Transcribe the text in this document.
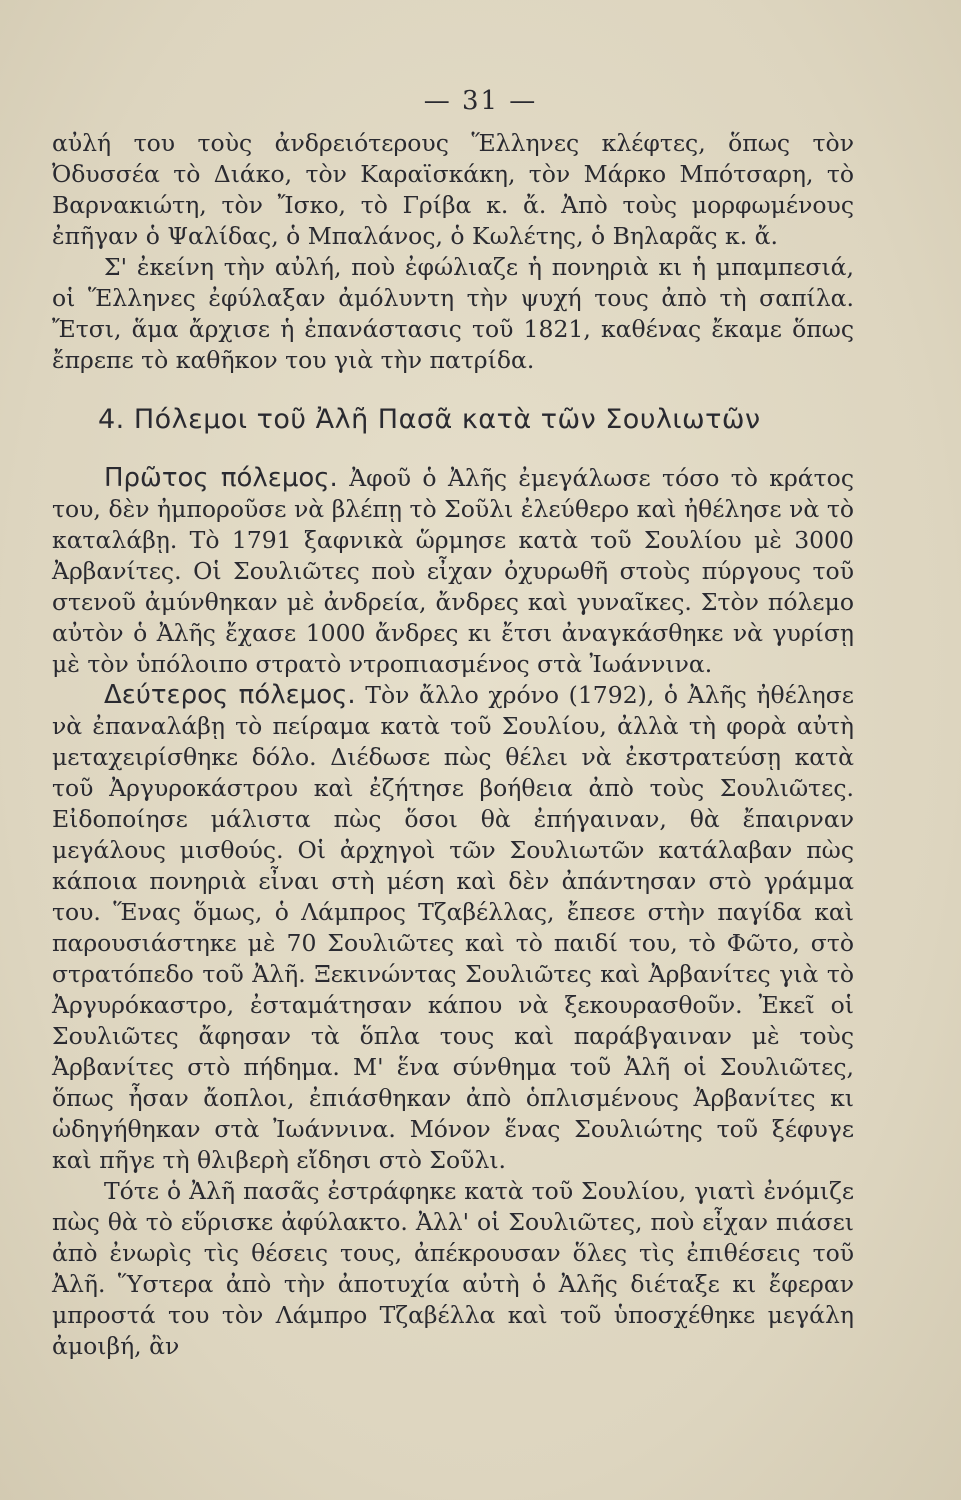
— 31 —

αὐλή του τοὺς ἀνδρειότερους Ἕλληνες κλέφτες, ὅπως τὸν Ὀδυσσέα τὸ Διάκο, τὸν Καραϊσκάκη, τὸν Μάρκο Μπότσαρη, τὸ Βαρνακιώτη, τὸν Ἴσκο, τὸ Γρίβα κ. ἄ. Ἀπὸ τοὺς μορφωμένους ἐπῆγαν ὁ Ψαλίδας, ὁ Μπαλάνος, ὁ Κωλέτης, ὁ Βηλαρᾶς κ. ἄ.

Σ' ἐκείνη τὴν αὐλή, ποὺ ἐφώλιαζε ἡ πονηριὰ κι ἡ μπαμπεσιά, οἱ Ἕλληνες ἐφύλαξαν ἀμόλυντη τὴν ψυχή τους ἀπὸ τὴ σαπίλα. Ἔτσι, ἅμα ἄρχισε ἡ ἐπανάστασις τοῦ 1821, καθένας ἔκαμε ὅπως ἔπρεπε τὸ καθῆκον του γιὰ τὴν πατρίδα.

4. Πόλεμοι τοῦ Ἀλῆ Πασᾶ κατὰ τῶν Σουλιωτῶν

Πρῶτος πόλεμος. Ἀφοῦ ὁ Ἀλῆς ἐμεγάλωσε τόσο τὸ κράτος του, δὲν ἠμποροῦσε νὰ βλέπῃ τὸ Σοῦλι ἐλεύθερο καὶ ἠθέλησε νὰ τὸ καταλάβῃ. Τὸ 1791 ξαφνικὰ ὥρμησε κατὰ τοῦ Σουλίου μὲ 3000 Ἀρβανίτες. Οἱ Σουλιῶτες ποὺ εἶχαν ὀχυρωθῆ στοὺς πύργους τοῦ στενοῦ ἀμύνθηκαν μὲ ἀνδρεία, ἄνδρες καὶ γυναῖκες. Στὸν πόλεμο αὐτὸν ὁ Ἀλῆς ἔχασε 1000 ἄνδρες κι ἔτσι ἀναγκάσθηκε νὰ γυρίσῃ μὲ τὸν ὑπόλοιπο στρατὸ ντροπιασμένος στὰ Ἰωάννινα.

Δεύτερος πόλεμος. Τὸν ἄλλο χρόνο (1792), ὁ Ἀλῆς ἠθέλησε νὰ ἐπαναλάβῃ τὸ πείραμα κατὰ τοῦ Σουλίου, ἀλλὰ τὴ φορὰ αὐτὴ μεταχειρίσθηκε δόλο. Διέδωσε πὼς θέλει νὰ ἐκστρατεύσῃ κατὰ τοῦ Ἀργυροκάστρου καὶ ἐζήτησε βοήθεια ἀπὸ τοὺς Σουλιῶτες. Εἰδοποίησε μάλιστα πὼς ὅσοι θὰ ἐπήγαιναν, θὰ ἔπαιρναν μεγάλους μισθούς. Οἱ ἀρχηγοὶ τῶν Σουλιωτῶν κατάλαβαν πὼς κάποια πονηριὰ εἶναι στὴ μέση καὶ δὲν ἀπάντησαν στὸ γράμμα του. Ἕνας ὅμως, ὁ Λάμπρος Τζαβέλλας, ἔπεσε στὴν παγίδα καὶ παρουσιάστηκε μὲ 70 Σουλιῶτες καὶ τὸ παιδί του, τὸ Φῶτο, στὸ στρατόπεδο τοῦ Ἀλῆ. Ξεκινώντας Σουλιῶτες καὶ Ἀρβανίτες γιὰ τὸ Ἀργυρόκαστρο, ἐσταμάτησαν κάπου νὰ ξεκουρασθοῦν. Ἐκεῖ οἱ Σουλιῶτες ἄφησαν τὰ ὅπλα τους καὶ παράβγαιναν μὲ τοὺς Ἀρβανίτες στὸ πήδημα. Μ' ἕνα σύνθημα τοῦ Ἀλῆ οἱ Σουλιῶτες, ὅπως ἦσαν ἄοπλοι, ἐπιάσθηκαν ἀπὸ ὁπλισμένους Ἀρβανίτες κι ὡδηγήθηκαν στὰ Ἰωάννινα. Μόνον ἕνας Σουλιώτης τοῦ ξέφυγε καὶ πῆγε τὴ θλιβερὴ εἴδησι στὸ Σοῦλι.

Τότε ὁ Ἀλῆ πασᾶς ἐστράφηκε κατὰ τοῦ Σουλίου, γιατὶ ἐνόμιζε πὼς θὰ τὸ εὕρισκε ἀφύλακτο. Ἀλλ' οἱ Σουλιῶτες, ποὺ εἶχαν πιάσει ἀπὸ ἐνωρὶς τὶς θέσεις τους, ἀπέκρουσαν ὅλες τὶς ἐπιθέσεις τοῦ Ἀλῆ. Ὕστερα ἀπὸ τὴν ἀποτυχία αὐτὴ ὁ Ἀλῆς διέταξε κι ἔφεραν μπροστά του τὸν Λάμπρο Τζαβέλλα καὶ τοῦ ὑποσχέθηκε μεγάλη ἀμοιβή, ἂν
